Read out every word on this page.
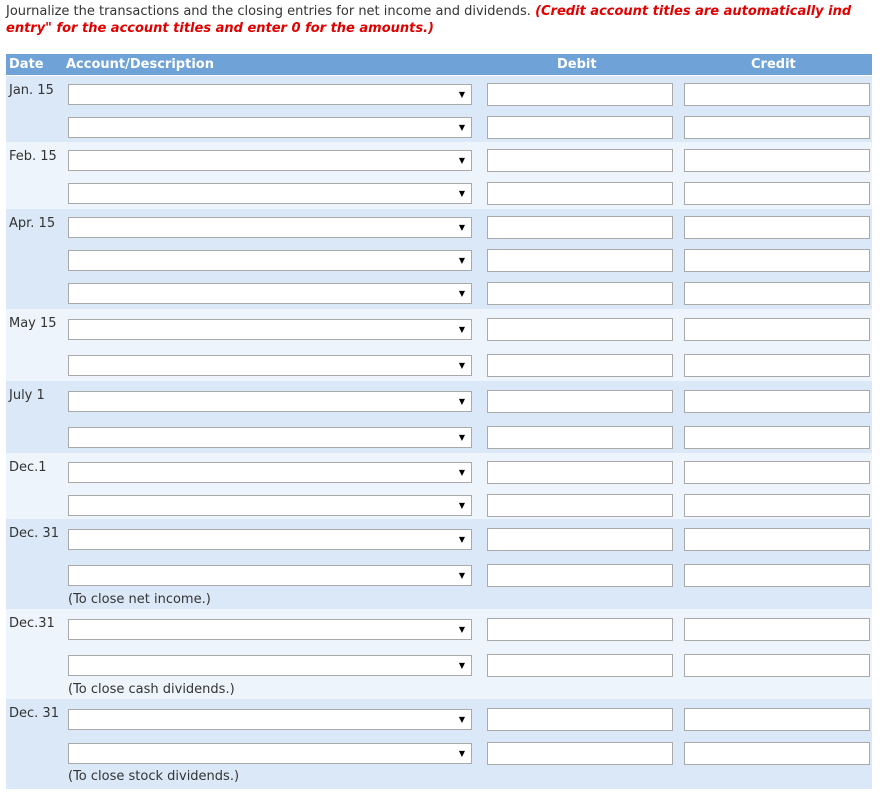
Journalize the transactions and the closing entries for net income and dividends. (Credit account titles are automatically ind
entry" for the account titles and enter 0 for the amounts.)
Date Account/Description	Debit	Credit
Jan. 15	▼
▼
Feb. 15	▼
▼
Apr. 15	▼
▼
▼
May 15	▼
▼
July 1	▼
▼
Dec.1	▼
▼
Dec. 31	▼
▼
(To close net income.)
Dec.31	▼
▼
(To close cash dividends.)
Dec. 31	▼
▼
(To close stock dividends.)
